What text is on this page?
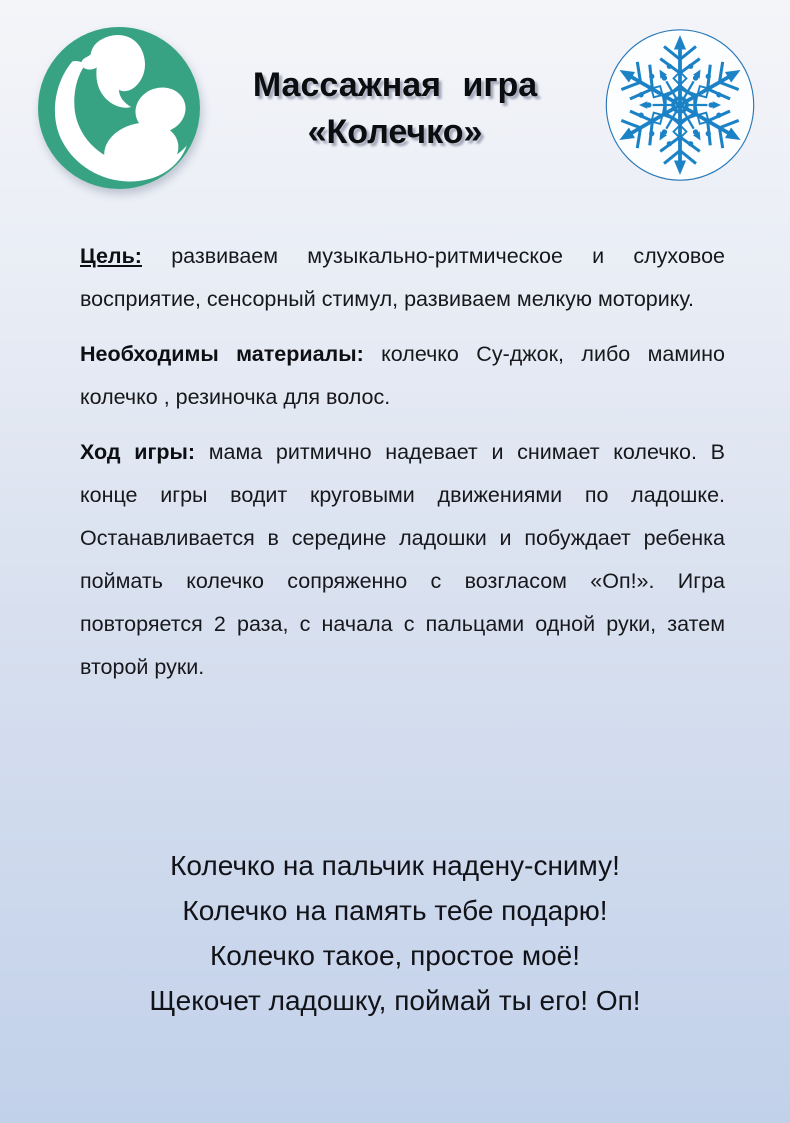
Массажная игра
«Колечко»

Цель: развиваем музыкально-ритмическое и слуховое восприятие, сенсорный стимул, развиваем мелкую моторику.

Необходимы материалы: колечко Су-джок, либо мамино колечко , резиночка для волос.

Ход игры: мама ритмично надевает и снимает колечко. В конце игры водит круговыми движениями по ладошке. Останавливается в середине ладошки и побуждает ребенка поймать колечко сопряженно с возгласом «Оп!». Игра повторяется 2 раза, с начала с пальцами одной руки, затем второй руки.

Колечко на пальчик надену-сниму!
Колечко на память тебе подарю!
Колечко такое, простое моё!
Щекочет ладошку, поймай ты его! Оп!
